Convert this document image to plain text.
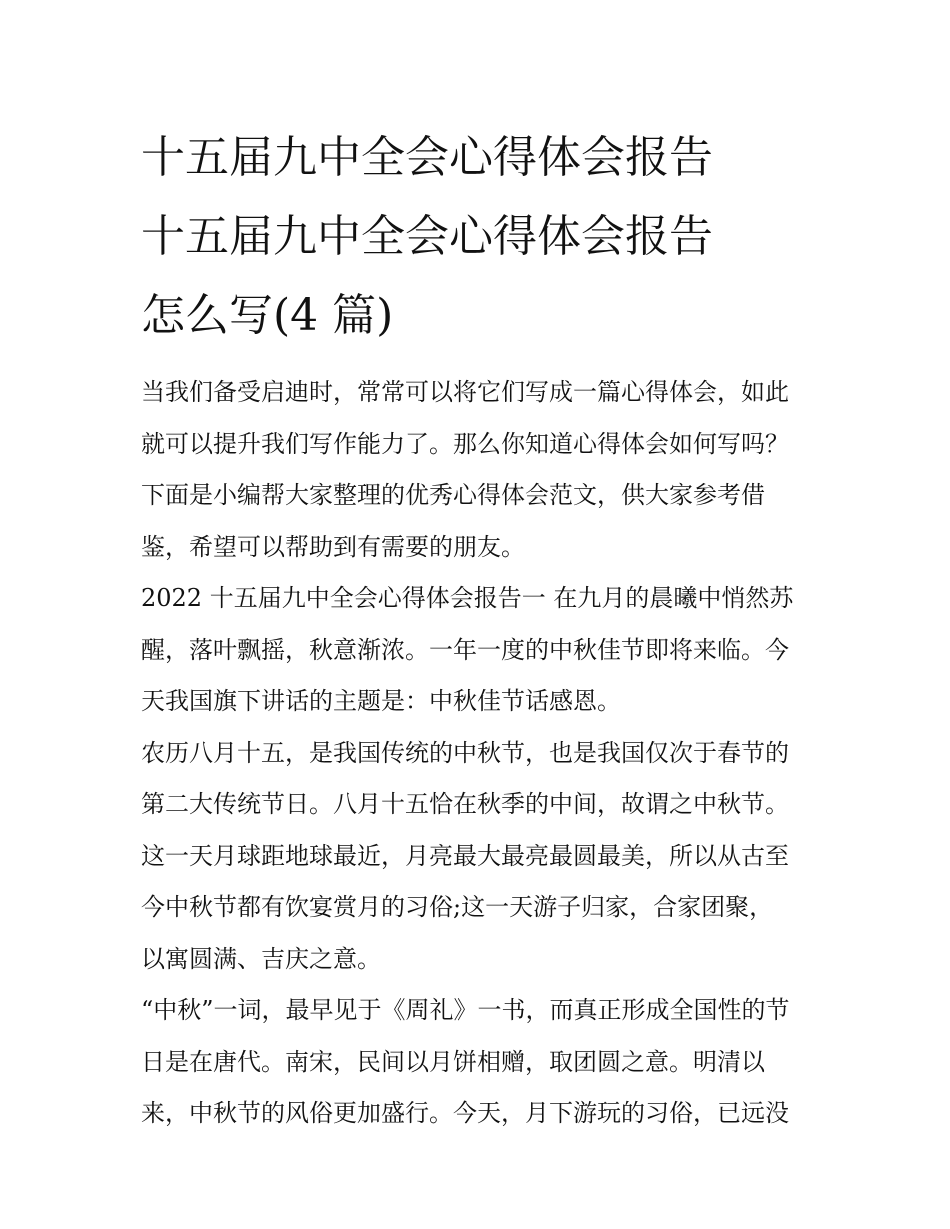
十五届九中全会心得体会报告
十五届九中全会心得体会报告
怎么写(4 篇)

当我们备受启迪时，常常可以将它们写成一篇心得体会，如此
就可以提升我们写作能力了。那么你知道心得体会如何写吗？
下面是小编帮大家整理的优秀心得体会范文，供大家参考借
鉴，希望可以帮助到有需要的朋友。

2022 十五届九中全会心得体会报告一 在九月的晨曦中悄然苏
醒，落叶飘摇，秋意渐浓。一年一度的中秋佳节即将来临。今
天我国旗下讲话的主题是：中秋佳节话感恩。

农历八月十五，是我国传统的中秋节，也是我国仅次于春节的
第二大传统节日。八月十五恰在秋季的中间，故谓之中秋节。
这一天月球距地球最近，月亮最大最亮最圆最美，所以从古至
今中秋节都有饮宴赏月的习俗;这一天游子归家，合家团聚，
以寓圆满、吉庆之意。

“中秋”一词，最早见于《周礼》一书，而真正形成全国性的节
日是在唐代。南宋，民间以月饼相赠，取团圆之意。明清以
来，中秋节的风俗更加盛行。今天，月下游玩的习俗，已远没
